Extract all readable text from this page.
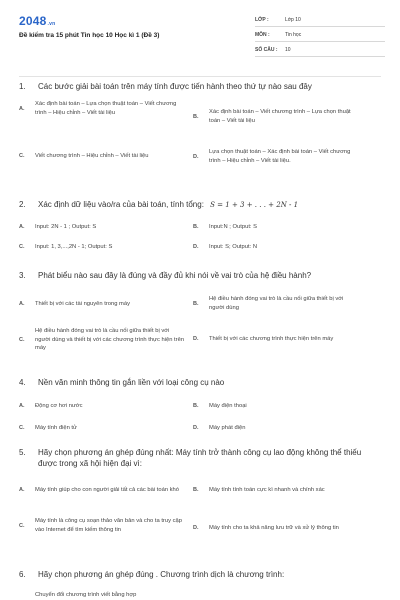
2048.vn
Đề kiểm tra 15 phút Tin học 10 Học kì 1 (Đề 3)
LỚP :	Lớp 10
MÔN :	Tin học
SỐ CÂU : 10
1.	Các bước giải bài toán trên máy tính được tiến hành theo thứ tự nào sau đây
A.
Xác định bài toán – Lựa chọn thuật toán – Viết chương trình – Hiệu chỉnh – Viết tài liệu
B.
Xác định bài toán – Viết chương trình – Lựa chọn thuật toán – Viết tài liệu
C.	Viết chương trình – Hiệu chỉnh – Viết tài liệu	D.
Lựa chọn thuật toán – Xác định bài toán – Viết chương trình – Hiệu chỉnh – Viết tài liệu.
2.	Xác định dữ liệu vào/ra của bài toán, tính tổng: S = 1 + 3 + . . . + 2N - 1
A.	Input: 2N - 1 ; Output: S	B.	Input:N ; Output: S
C.	Input: 1, 3,...,2N - 1; Output: S	D.	Input: S; Output: N
3.	Phát biểu nào sau đây là đúng và đầy đủ khi nói về vai trò của hệ điều hành?
A.	Thiết bị với các tài nguyên trong máy	B.
Hệ điều hành đóng vai trò là cầu nối giữa thiết bị với người dùng
C.
Hệ điều hành đóng vai trò là cầu nối giữa thiết bị với người dùng và thiết bị với các chương trình thực hiện trên máy
D.	Thiết bị với các chương trình thực hiện trên máy
4.	Nền văn minh thông tin gắn liền với loại công cụ nào
A.	Động cơ hơi nước	B.	Máy điện thoại
C.	Máy tính điện tử	D.	Máy phát điện
5.	Hãy chọn phương án ghép đúng nhất: Máy tính trở thành công cụ lao động không thể thiếu được trong xã hội hiện đại vì:
A.	Máy tính giúp cho con người giải tất cả các bài toán khó	B.	Máy tính tính toán cực kì nhanh và chính xác
C.
Máy tính là công cụ soạn thảo văn bản và cho ta truy cập vào Internet để tìm kiếm thông tin	D.	Máy tính cho ta khả năng lưu trữ và xử lý thông tin
6.	Hãy chọn phương án ghép đúng . Chương trình dịch là chương trình:
Chuyển đổi chương trình viết bằng hợp
